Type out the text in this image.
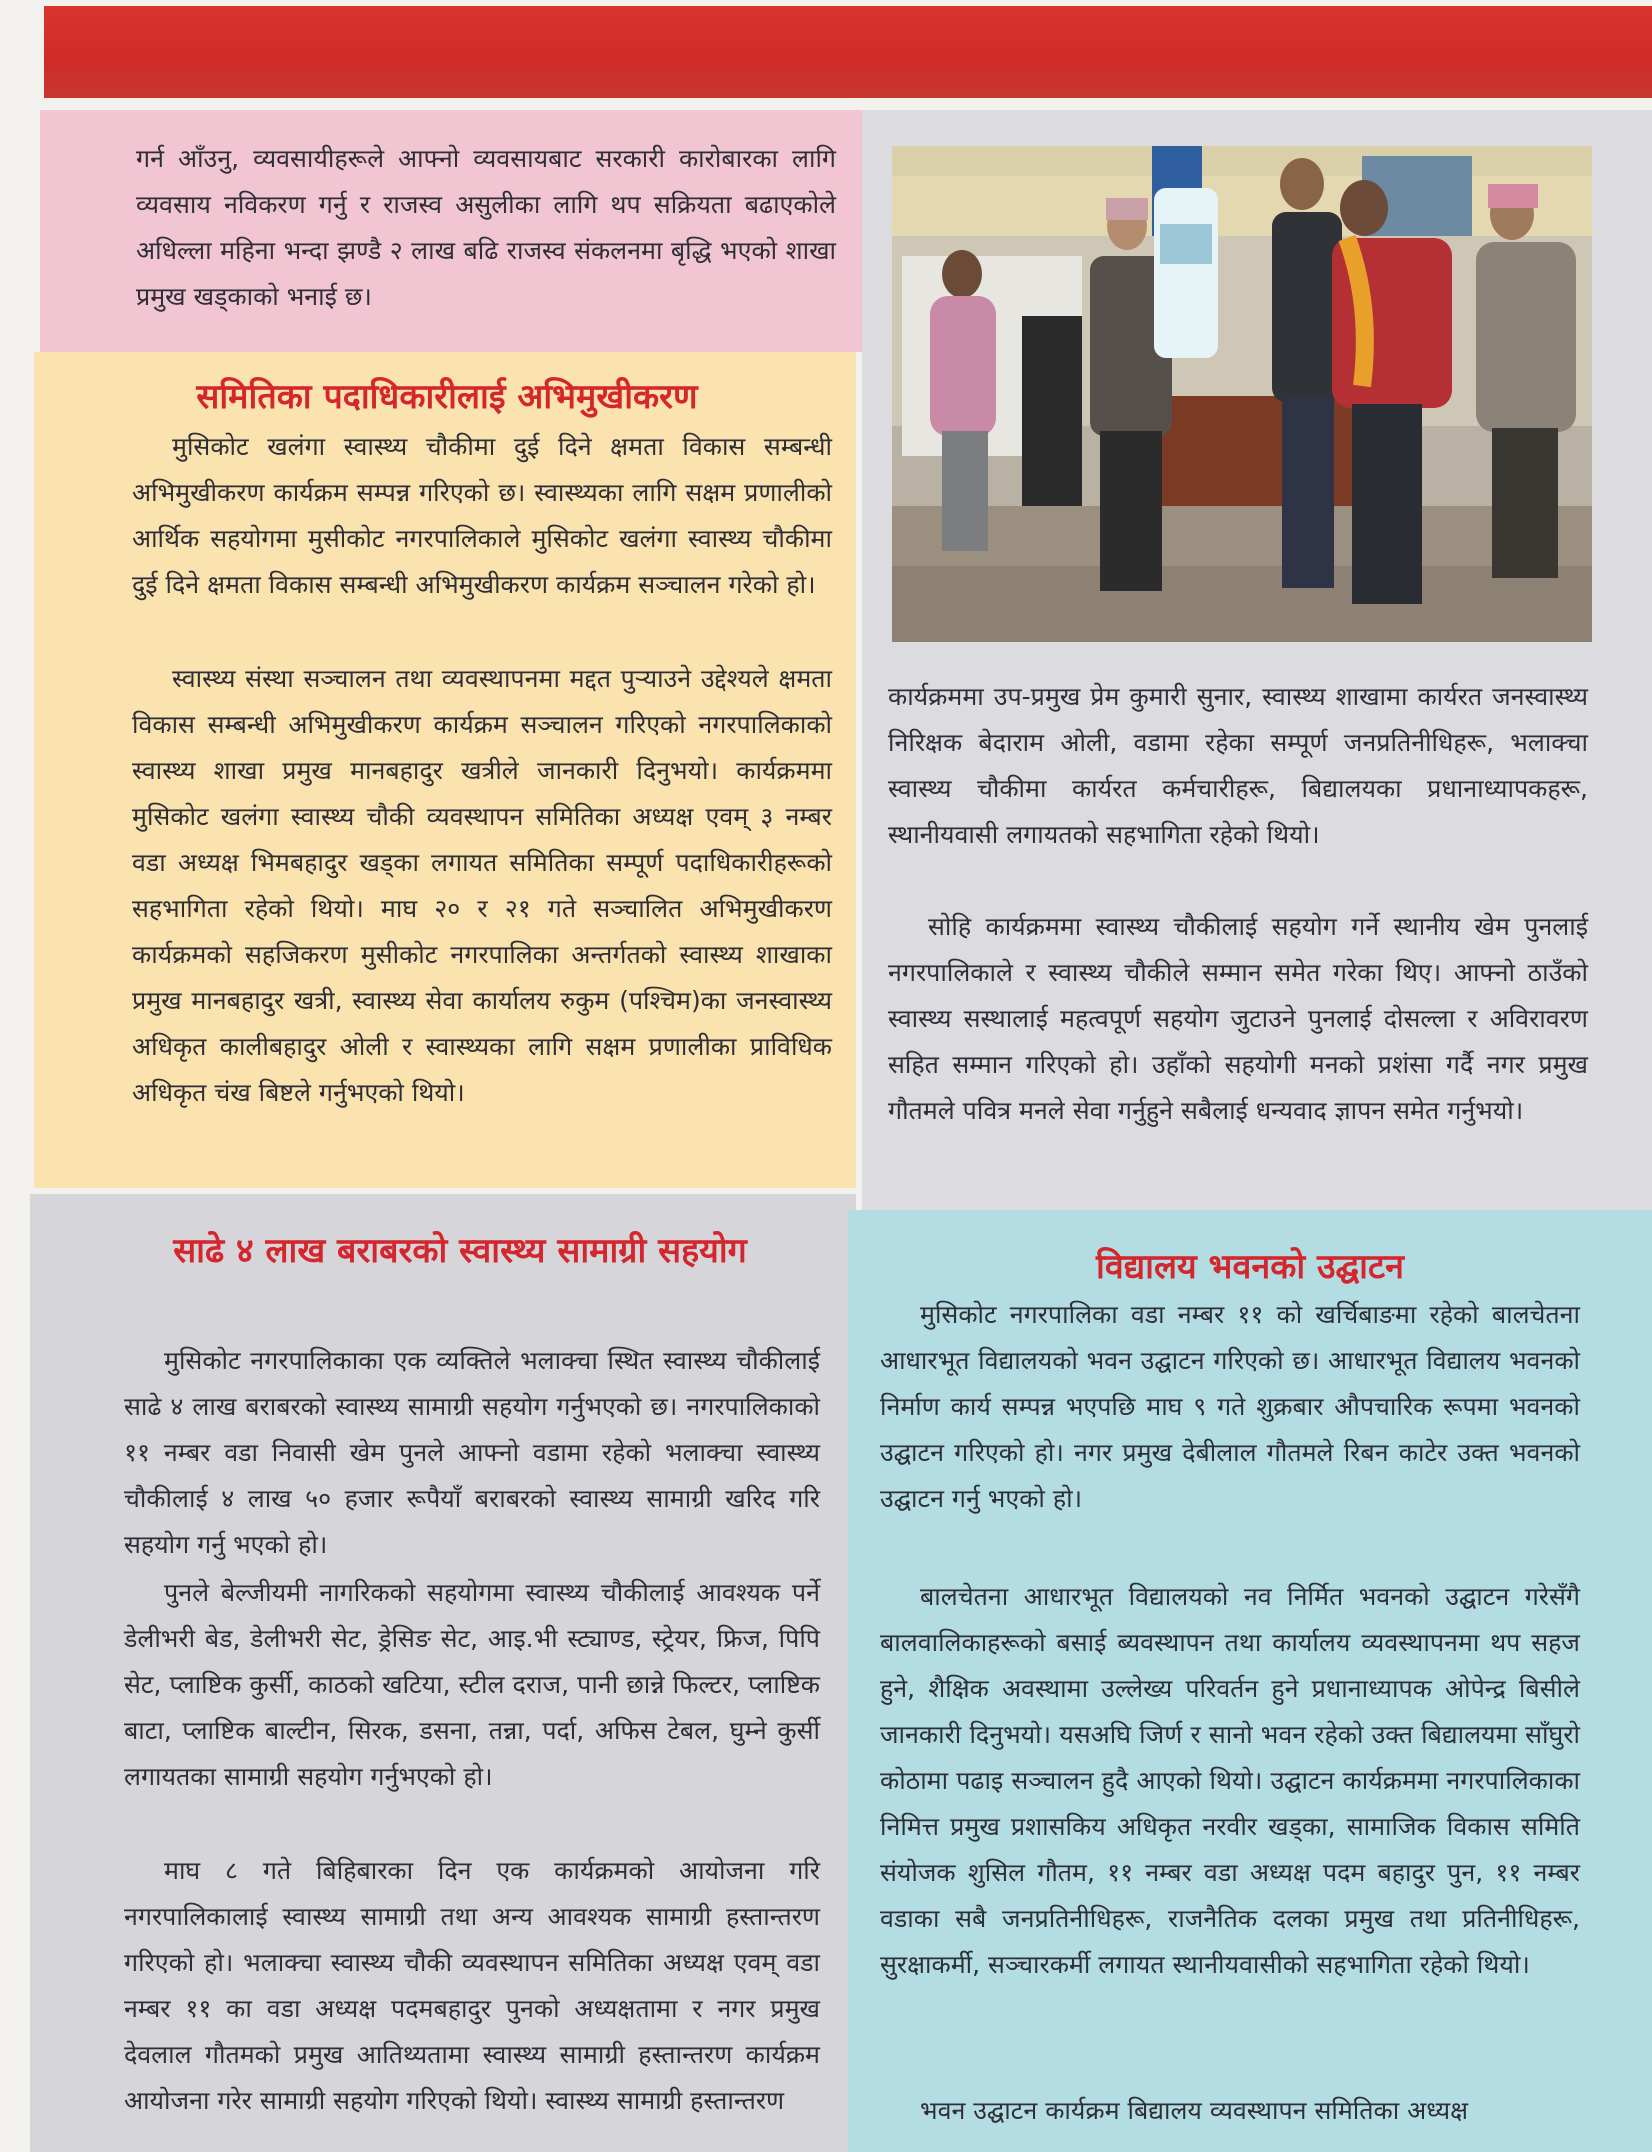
गर्न आँउनु, व्यवसायीहरूले आफ्नो व्यवसायबाट सरकारी कारोबारका लागि व्यवसाय नविकरण गर्नु र राजस्व असुलीका लागि थप सक्रियता बढाएकोले अधिल्ला महिना भन्दा झण्डै २ लाख बढि राजस्व संकलनमा बृद्धि भएको शाखा प्रमुख खड्काको भनाई छ।
समितिका पदाधिकारीलाई अभिमुखीकरण
मुसिकोट खलंगा स्वास्थ्य चौकीमा दुई दिने क्षमता विकास सम्बन्धी अभिमुखीकरण कार्यक्रम सम्पन्न गरिएको छ। स्वास्थ्यका लागि सक्षम प्रणालीको आर्थिक सहयोगमा मुसीकोट नगरपालिकाले मुसिकोट खलंगा स्वास्थ्य चौकीमा दुई दिने क्षमता विकास सम्बन्धी अभिमुखीकरण कार्यक्रम सञ्चालन गरेको हो।
स्वास्थ्य संस्था सञ्चालन तथा व्यवस्थापनमा मद्दत पुऱ्याउने उद्देश्यले क्षमता विकास सम्बन्धी अभिमुखीकरण कार्यक्रम सञ्चालन गरिएको नगरपालिकाको स्वास्थ्य शाखा प्रमुख मानबहादुर खत्रीले जानकारी दिनुभयो। कार्यक्रममा मुसिकोट खलंगा स्वास्थ्य चौकी व्यवस्थापन समितिका अध्यक्ष एवम् ३ नम्बर वडा अध्यक्ष भिमबहादुर खड्का लगायत समितिका सम्पूर्ण पदाधिकारीहरूको सहभागिता रहेको थियो। माघ २० र २१ गते सञ्चालित अभिमुखीकरण कार्यक्रमको सहजिकरण मुसीकोट नगरपालिका अन्तर्गतको स्वास्थ्य शाखाका प्रमुख मानबहादुर खत्री, स्वास्थ्य सेवा कार्यालय रुकुम (पश्चिम)का जनस्वास्थ्य अधिकृत कालीबहादुर ओली र स्वास्थ्यका लागि सक्षम प्रणालीका प्राविधिक अधिकृत चंख बिष्टले गर्नुभएको थियो।
कार्यक्रममा उप-प्रमुख प्रेम कुमारी सुनार, स्वास्थ्य शाखामा कार्यरत जनस्वास्थ्य निरिक्षक बेदाराम ओली, वडामा रहेका सम्पूर्ण जनप्रतिनीधिहरू, भलाक्चा स्वास्थ्य चौकीमा कार्यरत कर्मचारीहरू, बिद्यालयका प्रधानाध्यापकहरू, स्थानीयवासी लगायतको सहभागिता रहेको थियो।
सोहि कार्यक्रममा स्वास्थ्य चौकीलाई सहयोग गर्ने स्थानीय खेम पुनलाई नगरपालिकाले र स्वास्थ्य चौकीले सम्मान समेत गरेका थिए। आफ्नो ठाउँको स्वास्थ्य सस्थालाई महत्वपूर्ण सहयोग जुटाउने पुनलाई दोसल्ला र अविरावरण सहित सम्मान गरिएको हो। उहाँको सहयोगी मनको प्रशंसा गर्दै नगर प्रमुख गौतमले पवित्र मनले सेवा गर्नुहुने सबैलाई धन्यवाद ज्ञापन समेत गर्नुभयो।
साढे ४ लाख बराबरको स्वास्थ्य सामाग्री सहयोग
मुसिकोट नगरपालिकाका एक व्यक्तिले भलाक्चा स्थित स्वास्थ्य चौकीलाई साढे ४ लाख बराबरको स्वास्थ्य सामाग्री सहयोग गर्नुभएको छ। नगरपालिकाको ११ नम्बर वडा निवासी खेम पुनले आफ्नो वडामा रहेको भलाक्चा स्वास्थ्य चौकीलाई ४ लाख ५० हजार रूपैयाँ बराबरको स्वास्थ्य सामाग्री खरिद गरि सहयोग गर्नु भएको हो।
पुनले बेल्जीयमी नागरिकको सहयोगमा स्वास्थ्य चौकीलाई आवश्यक पर्ने डेलीभरी बेड, डेलीभरी सेट, ड्रेसिङ सेट, आइ.भी स्ट्याण्ड, स्ट्रेयर, फ्रिज, पिपि सेट, प्लाष्टिक कुर्सी, काठको खटिया, स्टील दराज, पानी छान्ने फिल्टर, प्लाष्टिक बाटा, प्लाष्टिक बाल्टीन, सिरक, डसना, तन्ना, पर्दा, अफिस टेबल, घुम्ने कुर्सी लगायतका सामाग्री सहयोग गर्नुभएको हो।
माघ ८ गते बिहिबारका दिन एक कार्यक्रमको आयोजना गरि नगरपालिकालाई स्वास्थ्य सामाग्री तथा अन्य आवश्यक सामाग्री हस्तान्तरण गरिएको हो। भलाक्चा स्वास्थ्य चौकी व्यवस्थापन समितिका अध्यक्ष एवम् वडा नम्बर ११ का वडा अध्यक्ष पदमबहादुर पुनको अध्यक्षतामा र नगर प्रमुख देवलाल गौतमको प्रमुख आतिथ्यतामा स्वास्थ्य सामाग्री हस्तान्तरण कार्यक्रम आयोजना गरेर सामाग्री सहयोग गरिएको थियो। स्वास्थ्य सामाग्री हस्तान्तरण
विद्यालय भवनको उद्घाटन
मुसिकोट नगरपालिका वडा नम्बर ११ को खर्चिबाङमा रहेको बालचेतना आधारभूत विद्यालयको भवन उद्घाटन गरिएको छ। आधारभूत विद्यालय भवनको निर्माण कार्य सम्पन्न भएपछि माघ ९ गते शुक्रबार औपचारिक रूपमा भवनको उद्घाटन गरिएको हो। नगर प्रमुख देबीलाल गौतमले रिबन काटेर उक्त भवनको उद्घाटन गर्नु भएको हो।
बालचेतना आधारभूत विद्यालयको नव निर्मित भवनको उद्घाटन गरेसँगै बालवालिकाहरूको बसाई ब्यवस्थापन तथा कार्यालय व्यवस्थापनमा थप सहज हुने, शैक्षिक अवस्थामा उल्लेख्य परिवर्तन हुने प्रधानाध्यापक ओपेन्द्र बिसीले जानकारी दिनुभयो। यसअघि जिर्ण र सानो भवन रहेको उक्त बिद्यालयमा साँघुरो कोठामा पढाइ सञ्चालन हुदै आएको थियो। उद्घाटन कार्यक्रममा नगरपालिकाका निमित्त प्रमुख प्रशासकिय अधिकृत नरवीर खड्का, सामाजिक विकास समिति संयोजक शुसिल गौतम, ११ नम्बर वडा अध्यक्ष पदम बहादुर पुन, ११ नम्बर वडाका सबै जनप्रतिनीधिहरू, राजनैतिक दलका प्रमुख तथा प्रतिनीधिहरू, सुरक्षाकर्मी, सञ्चारकर्मी लगायत स्थानीयवासीको सहभागिता रहेको थियो।
भवन उद्घाटन कार्यक्रम बिद्यालय व्यवस्थापन समितिका अध्यक्ष
